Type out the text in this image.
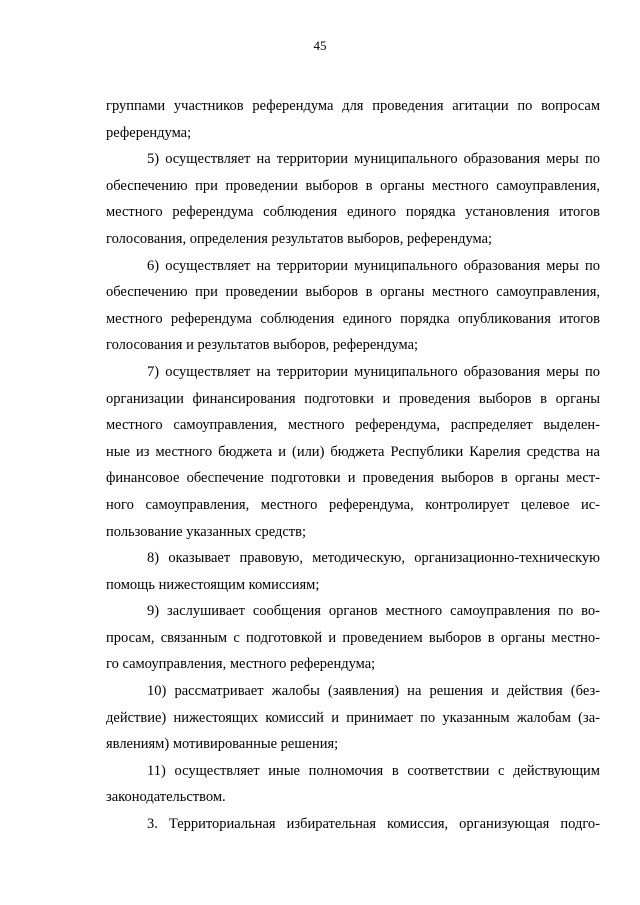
45
группами участников референдума для проведения агитации по вопросам
референдума;
5) осуществляет на территории муниципального образования меры по
обеспечению при проведении выборов в органы местного самоуправления,
местного референдума соблюдения единого порядка установления итогов
голосования, определения результатов выборов, референдума;
6) осуществляет на территории муниципального образования меры по
обеспечению при проведении выборов в органы местного самоуправления,
местного референдума соблюдения единого порядка опубликования итогов
голосования и результатов выборов, референдума;
7) осуществляет на территории муниципального образования меры по
организации финансирования подготовки и проведения выборов в органы
местного самоуправления, местного референдума, распределяет выделен-
ные из местного бюджета и (или) бюджета Республики Карелия средства на
финансовое обеспечение подготовки и проведения выборов в органы мест-
ного самоуправления, местного референдума, контролирует целевое ис-
пользование указанных средств;
8) оказывает правовую, методическую, организационно-техническую
помощь нижестоящим комиссиям;
9) заслушивает сообщения органов местного самоуправления по во-
просам, связанным с подготовкой и проведением выборов в органы местно-
го самоуправления, местного референдума;
10) рассматривает жалобы (заявления) на решения и действия (без-
действие) нижестоящих комиссий и принимает по указанным жалобам (за-
явлениям) мотивированные решения;
11) осуществляет иные полномочия в соответствии с действующим
законодательством.
3. Территориальная избирательная комиссия, организующая подго-
